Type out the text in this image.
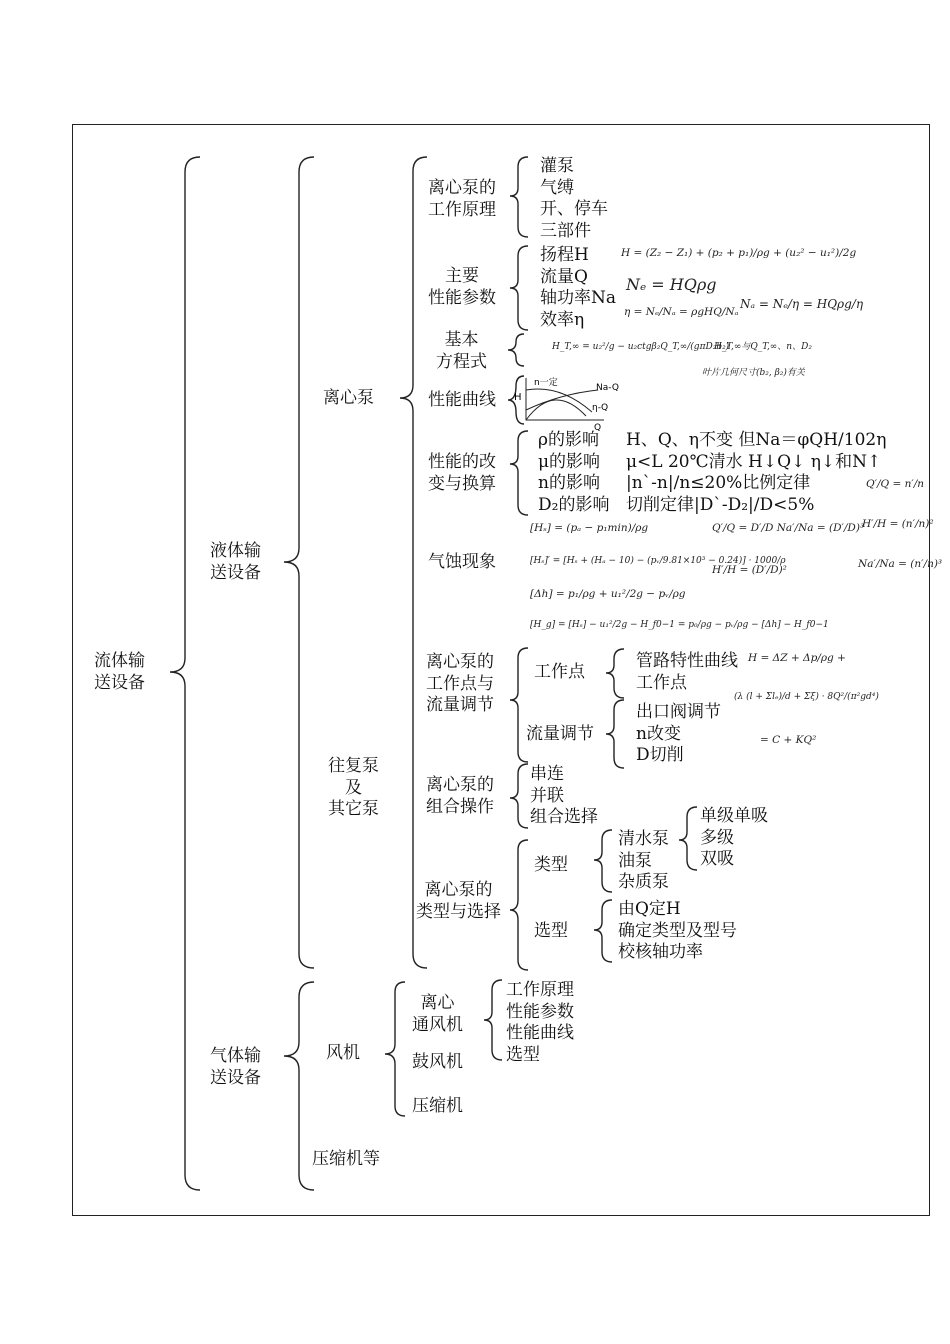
流体输
送设备
液体输
送设备
气体输
送设备
离心泵
往复泵
及
其它泵
风机
压缩机等
离心泵的
工作原理
灌泵
气缚
开、停车
三部件
主要
性能参数
扬程H
流量Q
轴功率Na
效率η
H = (Z₂ − Z₁) + (p₂ + p₁)/ρg + (u₂² − u₁²)/2g
Nₑ = HQρg
η = Nₑ/Nₐ = ρgHQ/Nₐ
Nₐ = Nₑ/η = HQρg/η
基本
方程式
H_T,∞ = u₂²/g − u₂ctgβ₂Q_T,∞/(gπD₂b₂)
H_T,∞与Q_T,∞、n、D₂
叶片几何尺寸(b₂, β₂)有关
性能曲线 H
n一定	Na-Q
η-Q
Q
性能的改
变与换算
ρ的影响
μ的影响
n的影响
D₂的影响
H、Q、η不变 但Na＝φQH/102η
μ<L 20℃清水 H↓Q↓ η↓和N↑
|n`-n|/n≤20%比例定律
切削定律|D`-D₂|/D<5%
Q′/Q = n′/n
H′/H = (n′/n)²
Na′/Na = (n′/n)³
气蚀现象
[Hₛ] = (pₐ − p₁min)/ρg
[Hₛ]′ = [Hₛ + (Hₐ − 10) − (pᵥ/9.81×10³ − 0.24)] · 1000/ρ
[Δh] = p₁/ρg + u₁²/2g − pᵥ/ρg
[H_g] = [Hₛ] − u₁²/2g − H_f0−1 = p₀/ρg − pᵥ/ρg − [Δh] − H_f0−1
Q′/Q = D′/D Na′/Na = (D′/D)³
H′/H = (D′/D)²
离心泵的
工作点与
流量调节
工作点
管路特性曲线
工作点
流量调节
出口阀调节
n改变
D切削
H = ΔZ + Δp/ρg +
(λ (l + Σlₑ)/d + Σξ) · 8Q²/(π²gd⁴)
= C + KQ²
离心泵的
组合操作
串连
并联
组合选择
离心泵的
类型与选择
类型
清水泵
油泵
杂质泵
单级单吸
多级
双吸
选型
由Q定H
确定类型及型号
校核轴功率
离心
通风机
工作原理
性能参数
性能曲线
选型
鼓风机
压缩机
